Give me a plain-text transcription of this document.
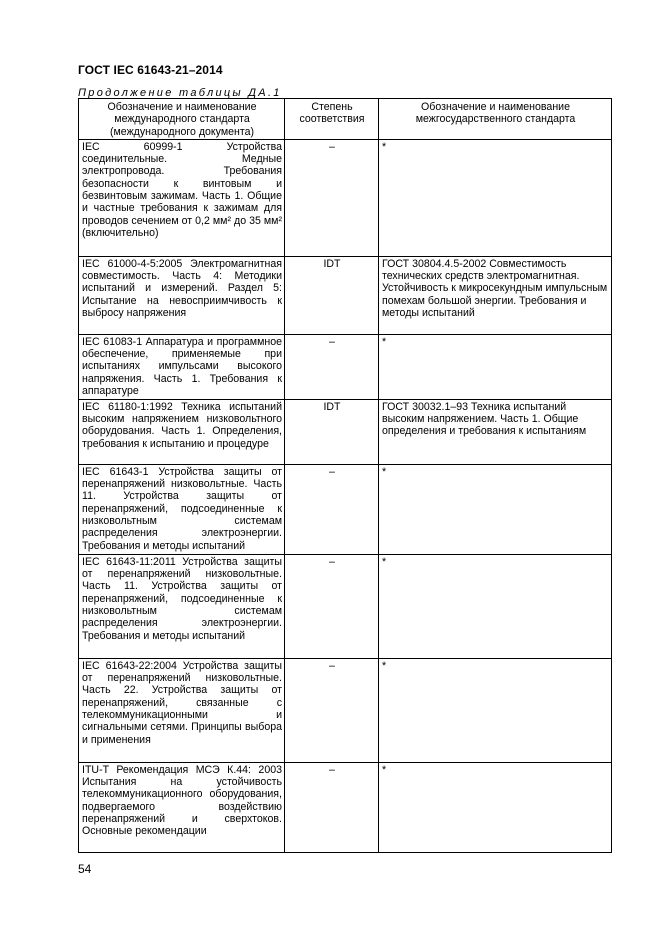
ГОСТ IEC 61643-21–2014
Продолжение таблицы ДА.1
Обозначение и наименование международного стандарта (международного документа)	Степень соответствия	Обозначение и наименование межгосударственного стандарта
IEC 60999-1 Устройства соединительные. Медные электропровода. Требования безопасности к винтовым и безвинтовым зажимам. Часть 1. Общие и частные требования к зажимам для проводов сечением от 0,2 мм² до 35 мм² (включительно)	–	*
IEC 61000-4-5:2005 Электромагнитная совместимость. Часть 4: Методики испытаний и измерений. Раздел 5: Испытание на невосприимчивость к выбросу напряжения	IDT	ГОСТ 30804.4.5-2002 Совместимость технических средств электромагнитная. Устойчивость к микросекундным импульсным помехам большой энергии. Требования и методы испытаний
IEC 61083-1 Аппаратура и программное обеспечение, применяемые при испытаниях импульсами высокого напряжения. Часть 1. Требования к аппаратуре	–	*
IEC 61180-1:1992 Техника испытаний высоким напряжением низковольтного оборудования. Часть 1. Определения, требования к испытанию и процедуре	IDT	ГОСТ 30032.1–93 Техника испытаний высоким напряжением. Часть 1. Общие определения и требования к испытаниям
IEC 61643-1 Устройства защиты от перенапряжений низковольтные. Часть 11. Устройства защиты от перенапряжений, подсоединенные к низковольтным системам распределения электроэнергии. Требования и методы испытаний	–	*
IEC 61643-11:2011 Устройства защиты от перенапряжений низковольтные. Часть 11. Устройства защиты от перенапряжений, подсоединенные к низковольтным системам распределения электроэнергии. Требования и методы испытаний	–	*
IEC 61643-22:2004 Устройства защиты от перенапряжений низковольтные. Часть 22. Устройства защиты от перенапряжений, связанные с телекоммуникационными и сигнальными сетями. Принципы выбора и применения	–	*
ITU-T Рекомендация МСЭ К.44: 2003 Испытания на устойчивость телекоммуникационного оборудования, подвергаемого воздействию перенапряжений и сверхтоков. Основные рекомендации	–	*
54
